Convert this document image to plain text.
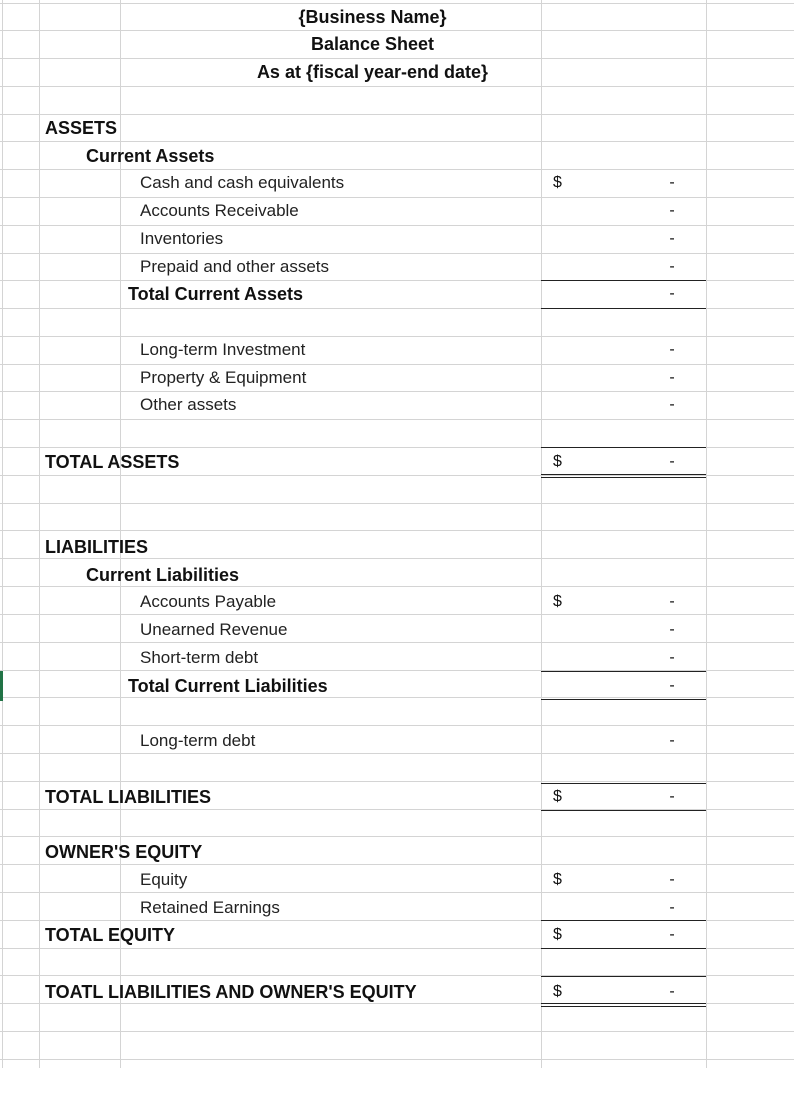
{Business Name}
Balance Sheet
As at {fiscal year-end date}
ASSETS
Current Assets
Cash and cash equivalents	$	-
Accounts Receivable	-
Inventories	-
Prepaid and other assets	-
Total Current Assets	-
Long-term Investment	-
Property & Equipment	-
Other assets	-
TOTAL ASSETS	$	-
LIABILITIES
Current Liabilities
Accounts Payable	$	-
Unearned Revenue	-
Short-term debt	-
Total Current Liabilities	-
Long-term debt	-
TOTAL LIABILITIES	$	-
OWNER'S EQUITY
Equity	$	-
Retained Earnings	-
TOTAL EQUITY	$	-
TOATL LIABILITIES AND OWNER'S EQUITY	$	-
